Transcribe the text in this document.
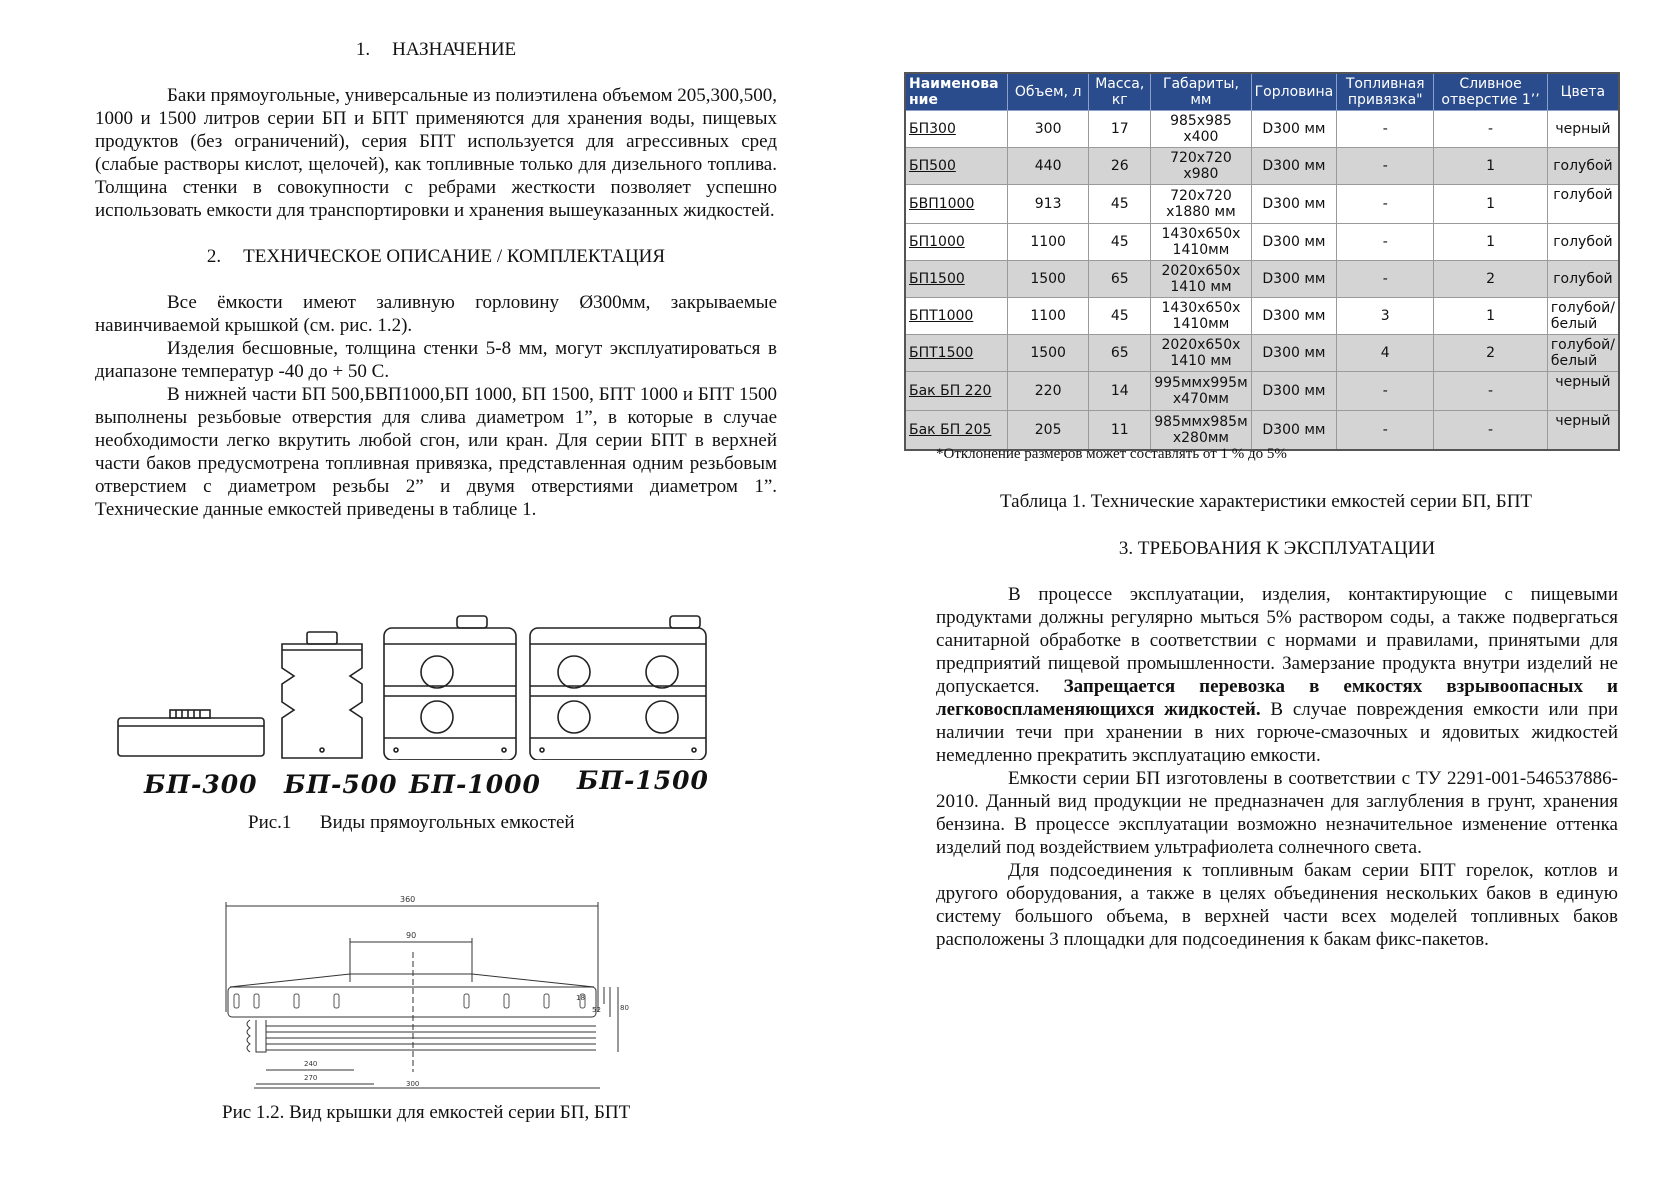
1. НАЗНАЧЕНИЕ

Баки прямоугольные, универсальные из полиэтилена объемом 205,300,500, 1000 и 1500 литров серии БП и БПТ применяются для хранения воды, пищевых продуктов (без ограничений), серия БПТ используется для агрессивных сред (слабые растворы кислот, щелочей), как топливные только для дизельного топлива. Толщина стенки в совокупности с ребрами жесткости позволяет успешно использовать емкости для транспортировки и хранения вышеуказанных жидкостей.

2. ТЕХНИЧЕСКОЕ ОПИСАНИЕ / КОМПЛЕКТАЦИЯ

Все ёмкости имеют заливную горловину Ø300мм, закрываемые навинчиваемой крышкой (см. рис. 1.2).

Изделия бесшовные, толщина стенки 5-8 мм, могут эксплуатироваться в диапазоне температур -40 до + 50 С.

В нижней части БП 500,БВП1000,БП 1000, БП 1500, БПТ 1000 и БПТ 1500 выполнены резьбовые отверстия для слива диаметром 1”, в которые в случае необходимости легко вкрутить любой сгон, или кран. Для серии БПТ в верхней части баков предусмотрена топливная привязка, представленная одним резьбовым отверстием с диаметром резьбы 2” и двумя отверстиями диаметром 1”. Технические данные емкостей приведены в таблице 1.

БП-300 БП-500 БП-1000 БП-1500
Рис.1      Виды прямоугольных емкостей
360
90
18
52	80
240
270
300
Рис 1.2. Вид крышки для емкостей серии БП, БПТ
Наименова ние	Объем, л	Масса, кг	Габариты, мм	Горловина	Топливная привязка"	Сливное отверстие 1’’	Цвета
БП300	300	17	985x985 x400	D300 мм	-	-	черный
БП500	440	26	720x720 x980	D300 мм	-	1	голубой
БВП1000	913	45	720x720 x1880 мм	D300 мм	-	1	голубой
БП1000	1100	45	1430x650x 1410мм	D300 мм	-	1	голубой
БП1500	1500	65	2020x650x 1410 мм	D300 мм	-	2	голубой
БПТ1000	1100	45	1430x650x 1410мм	D300 мм	3	1	голубой/ белый
БПТ1500	1500	65	2020x650x 1410 мм	D300 мм	4	2	голубой/ белый
Бак БП 220	220	14	995ммx995м x470мм	D300 мм	-	-	черный
Бак БП 205	205	11	985ммx985м x280мм	D300 мм	-	-	черный
*Отклонение размеров может составлять от 1 % до 5%
Таблица 1. Технические характеристики емкостей серии БП, БПТ
3. ТРЕБОВАНИЯ К ЭКСПЛУАТАЦИИ

В процессе эксплуатации, изделия, контактирующие с пищевыми продуктами должны регулярно мыться 5% раствором соды, а также подвергаться санитарной обработке в соответствии с нормами и правилами, принятыми для предприятий пищевой промышленности. Замерзание продукта внутри изделий не допускается. Запрещается перевозка в емкостях взрывоопасных и легковоспламеняющихся жидкостей. В случае повреждения емкости или при наличии течи при хранении в них горюче-смазочных и ядовитых жидкостей немедленно прекратить эксплуатацию емкости.

Емкости серии БП изготовлены в соответствии с ТУ 2291-001-546537886-2010. Данный вид продукции не предназначен для заглубления в грунт, хранения бензина. В процессе эксплуатации возможно незначительное изменение оттенка изделий под воздействием ультрафиолета солнечного света.

Для подсоединения к топливным бакам серии БПТ горелок, котлов и другого оборудования, а также в целях объединения нескольких баков в единую систему большого объема, в верхней части всех моделей топливных баков расположены 3 площадки для подсоединения к бакам фикс-пакетов.
